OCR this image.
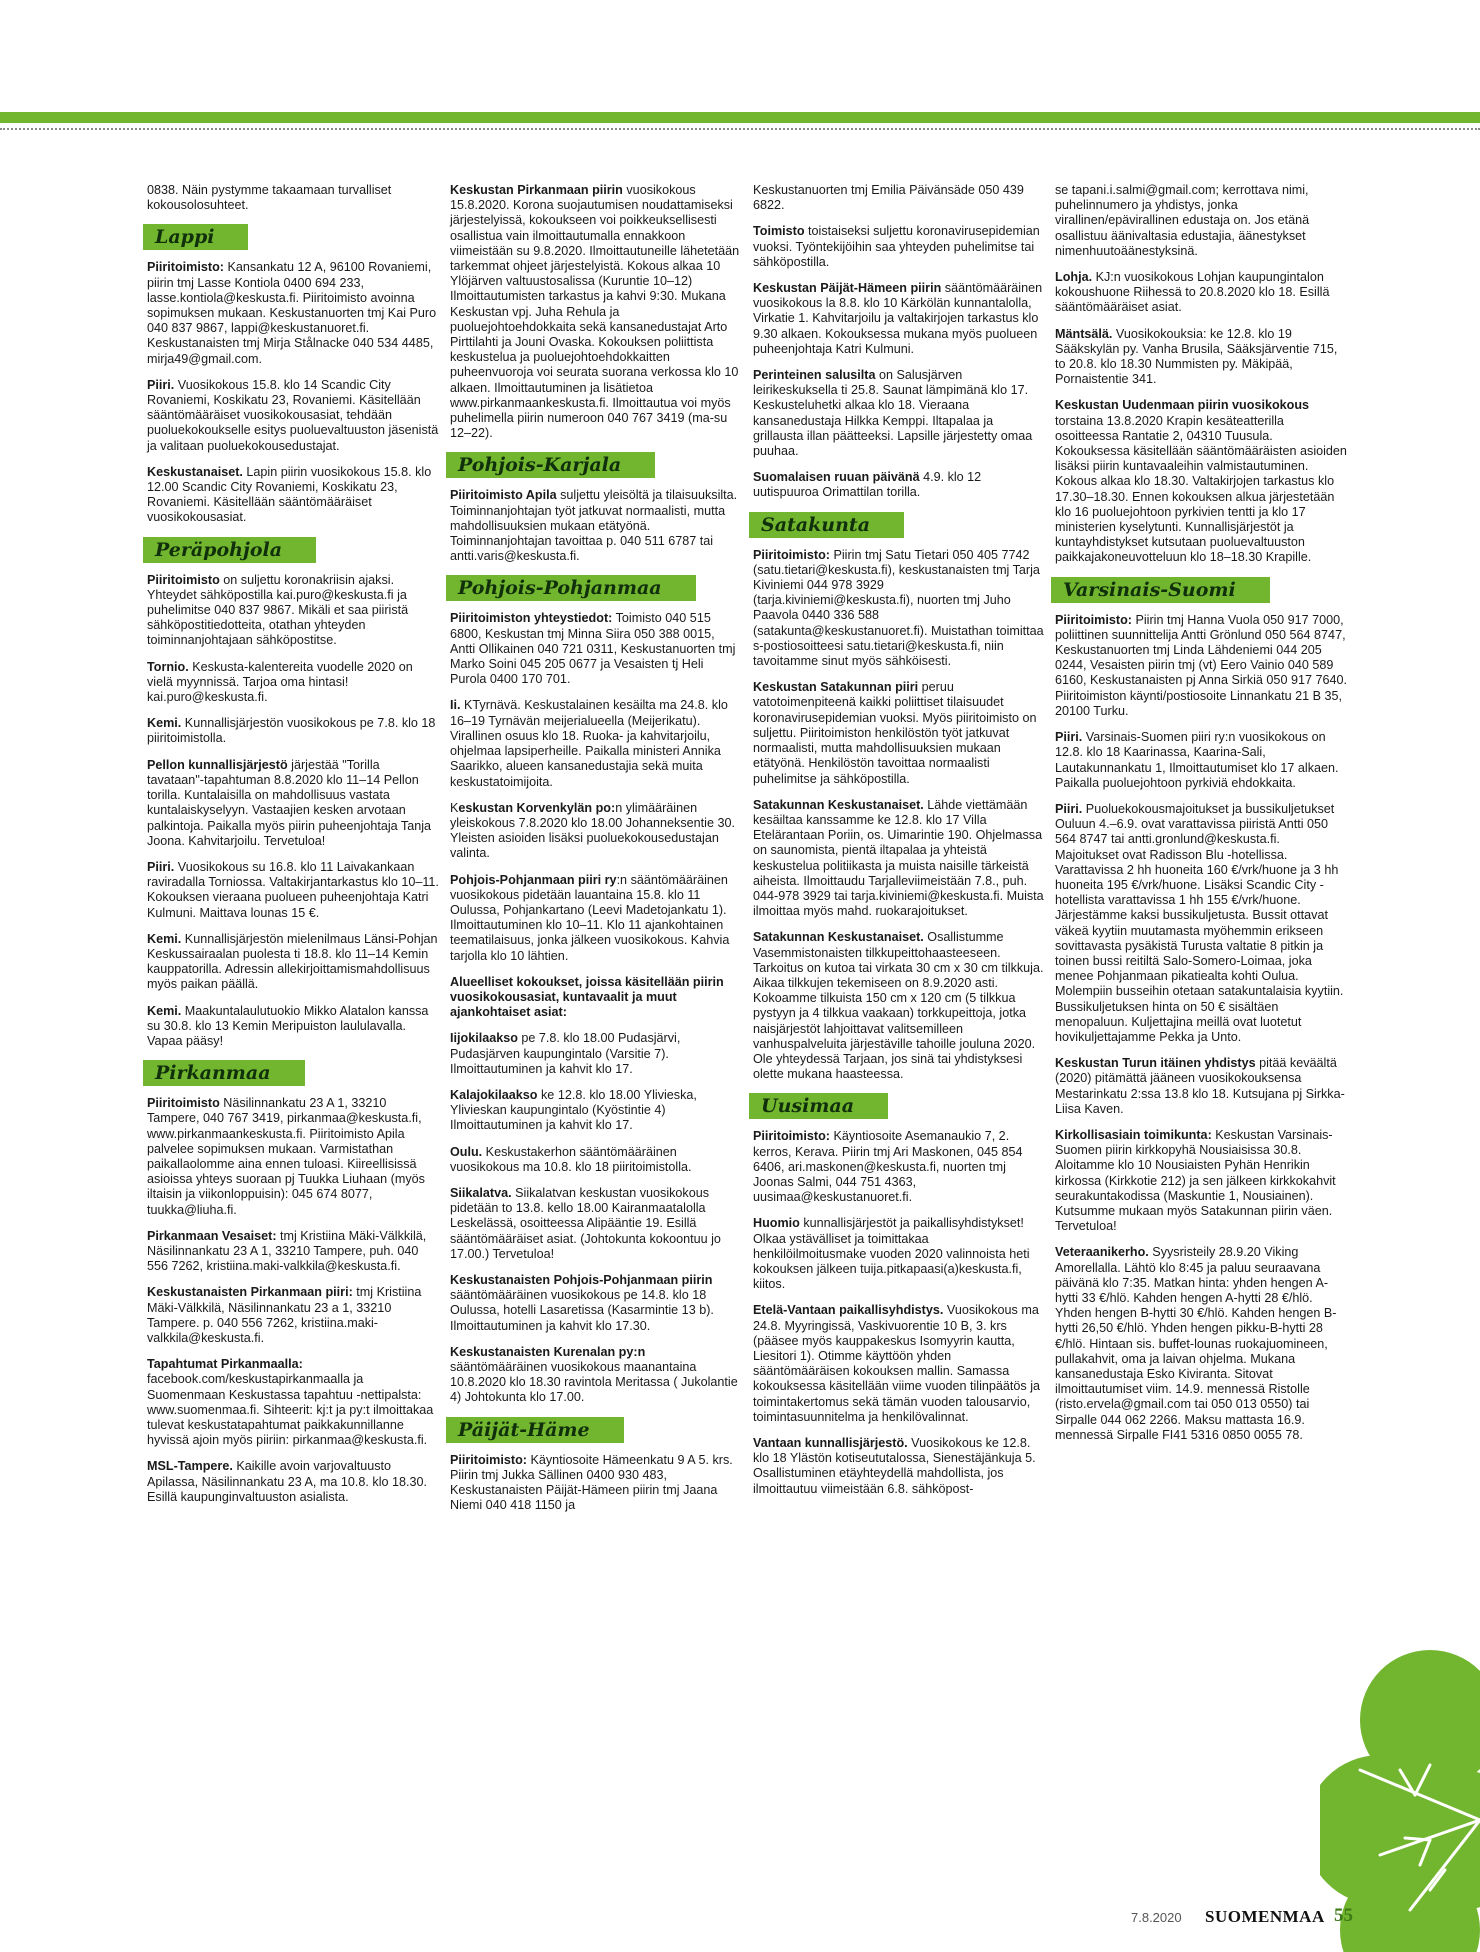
0838. Näin pystymme takaamaan turvalliset kokousolosuhteet.

Lappi

Piiritoimisto: Kansankatu 12 A, 96100 Rovaniemi, piirin tmj Lasse Kontiola 0400 694 233, lasse.kontiola@keskusta.fi. Piiritoimisto avoinna sopimuksen mukaan. Keskustanuorten tmj Kai Puro 040 837 9867, lappi@keskustanuoret.fi. Keskustanaisten tmj Mirja Stålnacke 040 534 4485, mirja49@gmail.com.

Piiri. Vuosikokous 15.8. klo 14 Scandic City Rovaniemi, Koskikatu 23, Rovaniemi. Käsitellään sääntömääräiset vuosikokousasiat, tehdään puoluekokoukselle esitys puoluevaltuuston jäsenistä ja valitaan puoluekokousedustajat.

Keskustanaiset. Lapin piirin vuosikokous 15.8. klo 12.00 Scandic City Rovaniemi, Koskikatu 23, Rovaniemi. Käsitellään sääntömääräiset vuosikokousasiat.

Peräpohjola

Piiritoimisto on suljettu koronakriisin ajaksi. Yhteydet sähköpostilla kai.puro@keskusta.fi ja puhelimitse 040 837 9867. Mikäli et saa piiristä sähköpostitiedotteita, otathan yhteyden toiminnanjohtajaan sähköpostitse.

Tornio. Keskusta-kalentereita vuodelle 2020 on vielä myynnissä. Tarjoa oma hintasi! kai.puro@keskusta.fi.

Kemi. Kunnallisjärjestön vuosikokous pe 7.8. klo 18 piiritoimistolla.

Pellon kunnallisjärjestö järjestää "Torilla tavataan"-tapahtuman 8.8.2020 klo 11–14 Pellon torilla. Kuntalaisilla on mahdollisuus vastata kuntalaiskyselyyn. Vastaajien kesken arvotaan palkintoja. Paikalla myös piirin puheenjohtaja Tanja Joona. Kahvitarjoilu. Tervetuloa!

Piiri. Vuosikokous su 16.8. klo 11 Laivakankaan raviradalla Torniossa. Valtakirjantarkastus klo 10–11. Kokouksen vieraana puolueen puheenjohtaja Katri Kulmuni. Maittava lounas 15 €.

Kemi. Kunnallisjärjestön mielenilmaus Länsi-Pohjan Keskussairaalan puolesta ti 18.8. klo 11–14 Kemin kauppatorilla. Adressin allekirjoittamismahdollisuus myös paikan päällä.

Kemi. Maakuntalaulutuokio Mikko Alatalon kanssa su 30.8. klo 13 Kemin Meripuiston laululavalla. Vapaa pääsy!

Pirkanmaa

Piiritoimisto Näsilinnankatu 23 A 1, 33210 Tampere, 040 767 3419, pirkanmaa@keskusta.fi, www.pirkanmaankeskusta.fi. Piiritoimisto Apila palvelee sopimuksen mukaan. Varmistathan paikallaolomme aina ennen tuloasi. Kiireellisissä asioissa yhteys suoraan pj Tuukka Liuhaan (myös iltaisin ja viikonloppuisin): 045 674 8077, tuukka@liuha.fi.

Pirkanmaan Vesaiset: tmj Kristiina Mäki-Välkkilä, Näsilinnankatu 23 A 1, 33210 Tampere, puh. 040 556 7262, kristiina.maki-valkkila@keskusta.fi.

Keskustanaisten Pirkanmaan piiri: tmj Kristiina Mäki-Välkkilä, Näsilinnankatu 23 a 1, 33210 Tampere. p. 040 556 7262, kristiina.maki-valkkila@keskusta.fi.

Tapahtumat Pirkanmaalla: facebook.com/keskustapirkanmaalla ja Suomenmaan Keskustassa tapahtuu -nettipalsta: www.suomenmaa.fi. Sihteerit: kj:t ja py:t ilmoittakaa tulevat keskustatapahtumat paikkakunnillanne hyvissä ajoin myös piiriin: pirkanmaa@keskusta.fi.

MSL-Tampere. Kaikille avoin varjovaltuusto Apilassa, Näsilinnankatu 23 A, ma 10.8. klo 18.30. Esillä kaupunginvaltuuston asialista.

Keskustan Pirkanmaan piirin vuosikokous 15.8.2020. Korona suojautumisen noudattamiseksi järjestelyissä, kokoukseen voi poikkeuksellisesti osallistua vain ilmoittautumalla ennakkoon viimeistään su 9.8.2020. Ilmoittautuneille lähetetään tarkemmat ohjeet järjestelyistä. Kokous alkaa 10 Ylöjärven valtuustosalissa (Kuruntie 10–12) Ilmoittautumisten tarkastus ja kahvi 9:30. Mukana Keskustan vpj. Juha Rehula ja puoluejohtoehdokkaita sekä kansanedustajat Arto Pirttilahti ja Jouni Ovaska. Kokouksen poliittista keskustelua ja puoluejohtoehdokkaitten puheenvuoroja voi seurata suorana verkossa klo 10 alkaen. Ilmoittautuminen ja lisätietoa www.pirkanmaankeskusta.fi. Ilmoittautua voi myös puhelimella piirin numeroon 040 767 3419 (ma-su 12–22).

Pohjois-Karjala

Piiritoimisto Apila suljettu yleisöltä ja tilaisuuksilta. Toiminnanjohtajan työt jatkuvat normaalisti, mutta mahdollisuuksien mukaan etätyönä. Toiminnanjohtajan tavoittaa p. 040 511 6787 tai antti.varis@keskusta.fi.

Pohjois-Pohjanmaa

Piiritoimiston yhteystiedot: Toimisto 040 515 6800, Keskustan tmj Minna Siira 050 388 0015, Antti Ollikainen 040 721 0311, Keskustanuorten tmj Marko Soini 045 205 0677 ja Vesaisten tj Heli Purola 0400 170 701.

Ii. KTyrnävä. Keskustalainen kesäilta ma 24.8. klo 16–19 Tyrnävän meijerialueella (Meijerikatu). Virallinen osuus klo 18. Ruoka- ja kahvitarjoilu, ohjelmaa lapsiperheille. Paikalla ministeri Annika Saarikko, alueen kansanedustajia sekä muita keskustatoimijoita.

Keskustan Korvenkylän po:n ylimääräinen yleiskokous 7.8.2020 klo 18.00 Johanneksentie 30. Yleisten asioiden lisäksi puoluekokousedustajan valinta.

Pohjois-Pohjanmaan piiri ry:n sääntömääräinen vuosikokous pidetään lauantaina 15.8. klo 11 Oulussa, Pohjankartano (Leevi Madetojankatu 1). Ilmoittautuminen klo 10–11. Klo 11 ajankohtainen teematilaisuus, jonka jälkeen vuosikokous. Kahvia tarjolla klo 10 lähtien.

Alueelliset kokoukset, joissa käsitellään piirin vuosikokousasiat, kuntavaalit ja muut ajankohtaiset asiat:

Iijokilaakso pe 7.8. klo 18.00 Pudasjärvi, Pudasjärven kaupungintalo (Varsitie 7). Ilmoittautuminen ja kahvit klo 17.

Kalajokilaakso ke 12.8. klo 18.00 Ylivieska, Ylivieskan kaupungintalo (Kyöstintie 4) Ilmoittautuminen ja kahvit klo 17.

Oulu. Keskustakerhon sääntömääräinen vuosikokous ma 10.8. klo 18 piiritoimistolla.

Siikalatva. Siikalatvan keskustan vuosikokous pidetään to 13.8. kello 18.00 Kairanmaatalolla Leskelässä, osoitteessa Alipääntie 19. Esillä sääntömääräiset asiat. (Johtokunta kokoontuu jo 17.00.) Tervetuloa!

Keskustanaisten Pohjois-Pohjanmaan piirin sääntömääräinen vuosikokous pe 14.8. klo 18 Oulussa, hotelli Lasaretissa (Kasarmintie 13 b). Ilmoittautuminen ja kahvit klo 17.30.

Keskustanaisten Kurenalan py:n sääntömääräinen vuosikokous maanantaina 10.8.2020 klo 18.30 ravintola Meritassa ( Jukolantie 4) Johtokunta klo 17.00.

Päijät-Häme

Piiritoimisto: Käyntiosoite Hämeenkatu 9 A 5. krs. Piirin tmj Jukka Sällinen 0400 930 483, Keskustanaisten Päijät-Hämeen piirin tmj Jaana Niemi 040 418 1150 ja

Keskustanuorten tmj Emilia Päivänsäde 050 439 6822.

Toimisto toistaiseksi suljettu koronavirusepidemian vuoksi. Työntekijöihin saa yhteyden puhelimitse tai sähköpostilla.

Keskustan Päijät-Hämeen piirin sääntömääräinen vuosikokous la 8.8. klo 10 Kärkölän kunnantalolla, Virkatie 1. Kahvitarjoilu ja valtakirjojen tarkastus klo 9.30 alkaen. Kokouksessa mukana myös puolueen puheenjohtaja Katri Kulmuni.

Perinteinen salusilta on Salusjärven leirikeskuksella ti 25.8. Saunat lämpimänä klo 17. Keskusteluhetki alkaa klo 18. Vieraana kansanedustaja Hilkka Kemppi. Iltapalaa ja grillausta illan päätteeksi. Lapsille järjestetty omaa puuhaa.

Suomalaisen ruuan päivänä 4.9. klo 12 uutispuuroa Orimattilan torilla.

Satakunta

Piiritoimisto: Piirin tmj Satu Tietari 050 405 7742 (satu.tietari@keskusta.fi), keskustanaisten tmj Tarja Kiviniemi 044 978 3929 (tarja.kiviniemi@keskusta.fi), nuorten tmj Juho Paavola 0440 336 588 (satakunta@keskustanuoret.fi). Muistathan toimittaa s-postiosoitteesi satu.tietari@keskusta.fi, niin tavoitamme sinut myös sähköisesti.

Keskustan Satakunnan piiri peruu vatotoimenpiteenä kaikki poliittiset tilaisuudet koronavirusepidemian vuoksi. Myös piiritoimisto on suljettu. Piiritoimiston henkilöstön työt jatkuvat normaalisti, mutta mahdollisuuksien mukaan etätyönä. Henkilöstön tavoittaa normaalisti puhelimitse ja sähköpostilla.

Satakunnan Keskustanaiset. Lähde viettämään kesäiltaa kanssamme ke 12.8. klo 17 Villa Etelärantaan Poriin, os. Uimarintie 190. Ohjelmassa on saunomista, pientä iltapalaa ja yhteistä keskustelua politiikasta ja muista naisille tärkeistä aiheista. Ilmoittaudu Tarjalleviimeistään 7.8., puh. 044-978 3929 tai tarja.kiviniemi@keskusta.fi. Muista ilmoittaa myös mahd. ruokarajoitukset.

Satakunnan Keskustanaiset. Osallistumme Vasemmistonaisten tilkkupeittohaasteeseen. Tarkoitus on kutoa tai virkata 30 cm x 30 cm tilkkuja. Aikaa tilkkujen tekemiseen on 8.9.2020 asti. Kokoamme tilkuista 150 cm x 120 cm (5 tilkkua pystyyn ja 4 tilkkua vaakaan) torkkupeittoja, jotka naisjärjestöt lahjoittavat valitsemilleen vanhuspalveluita järjestäville tahoille jouluna 2020. Ole yhteydessä Tarjaan, jos sinä tai yhdistyksesi olette mukana haasteessa.

Uusimaa

Piiritoimisto: Käyntiosoite Asemanaukio 7, 2. kerros, Kerava. Piirin tmj Ari Maskonen, 045 854 6406, ari.maskonen@keskusta.fi, nuorten tmj Joonas Salmi, 044 751 4363, uusimaa@keskustanuoret.fi.

Huomio kunnallisjärjestöt ja paikallisyhdistykset! Olkaa ystävälliset ja toimittakaa henkilöilmoitusmake vuoden 2020 valinnoista heti kokouksen jälkeen tuija.pitkapaasi(a)keskusta.fi, kiitos.

Etelä-Vantaan paikallisyhdistys. Vuosikokous ma 24.8. Myyringissä, Vaskivuorentie 10 B, 3. krs (pääsee myös kauppakeskus Isomyyrin kautta, Liesitori 1). Otimme käyttöön yhden sääntömääräisen kokouksen mallin. Samassa kokouksessa käsitellään viime vuoden tilinpäätös ja toimintakertomus sekä tämän vuoden talousarvio, toimintasuunnitelma ja henkilövalinnat.

Vantaan kunnallisjärjestö. Vuosikokous ke 12.8. klo 18 Ylästön kotiseututalossa, Sienestäjänkuja 5. Osallistuminen etäyhteydellä mahdollista, jos ilmoittautuu viimeistään 6.8. sähköpost-

se tapani.i.salmi@gmail.com; kerrottava nimi, puhelinnumero ja yhdistys, jonka virallinen/epävirallinen edustaja on. Jos etänä osallistuu äänivaltasia edustajia, äänestykset nimenhuutoäänestyksinä.

Lohja. KJ:n vuosikokous Lohjan kaupungintalon kokoushuone Riihessä to 20.8.2020 klo 18. Esillä sääntömääräiset asiat.

Mäntsälä. Vuosikokouksia: ke 12.8. klo 19 Sääkskylän py. Vanha Brusila, Sääksjärventie 715, to 20.8. klo 18.30 Nummisten py. Mäkipää, Pornaistentie 341.

Keskustan Uudenmaan piirin vuosikokous torstaina 13.8.2020 Krapin kesäteatterilla osoitteessa Rantatie 2, 04310 Tuusula. Kokouksessa käsitellään sääntömääräisten asioiden lisäksi piirin kuntavaaleihin valmistautuminen. Kokous alkaa klo 18.30. Valtakirjojen tarkastus klo 17.30–18.30. Ennen kokouksen alkua järjestetään klo 16 puoluejohtoon pyrkivien tentti ja klo 17 ministerien kyselytunti. Kunnallisjärjestöt ja kuntayhdistykset kutsutaan puoluevaltuuston paikkajakoneuvotteluun klo 18–18.30 Krapille.

Varsinais-Suomi

Piiritoimisto: Piirin tmj Hanna Vuola 050 917 7000, poliittinen suunnittelija Antti Grönlund 050 564 8747, Keskustanuorten tmj Linda Lähdeniemi 044 205 0244, Vesaisten piirin tmj (vt) Eero Vainio 040 589 6160, Keskustanaisten pj Anna Sirkiä 050 917 7640. Piiritoimiston käynti/postiosoite Linnankatu 21 B 35, 20100 Turku.

Piiri. Varsinais-Suomen piiri ry:n vuosikokous on 12.8. klo 18 Kaarinassa, Kaarina-Sali, Lautakunnankatu 1, Ilmoittautumiset klo 17 alkaen. Paikalla puoluejohtoon pyrkiviä ehdokkaita.

Piiri. Puoluekokousmajoitukset ja bussikuljetukset Ouluun 4.–6.9. ovat varattavissa piiristä Antti 050 564 8747 tai antti.gronlund@keskusta.fi. Majoitukset ovat Radisson Blu -hotellissa. Varattavissa 2 hh huoneita 160 €/vrk/huone ja 3 hh huoneita 195 €/vrk/huone. Lisäksi Scandic City -hotellista varattavissa 1 hh 155 €/vrk/huone. Järjestämme kaksi bussikuljetusta. Bussit ottavat väkeä kyytiin muutamasta myöhemmin erikseen sovittavasta pysäkistä Turusta valtatie 8 pitkin ja toinen bussi reitiltä Salo-Somero-Loimaa, joka menee Pohjanmaan pikatiealta kohti Oulua. Molempiin busseihin otetaan satakuntalaisia kyytiin. Bussikuljetuksen hinta on 50 € sisältäen menopaluun. Kuljettajina meillä ovat luotetut hovikuljettajamme Pekka ja Unto.

Keskustan Turun itäinen yhdistys pitää keväältä (2020) pitämättä jääneen vuosikokouksensa Mestarinkatu 2:ssa 13.8 klo 18. Kutsujana pj Sirkka-Liisa Kaven.

Kirkollisasiain toimikunta: Keskustan Varsinais-Suomen piirin kirkkopyhä Nousiaisissa 30.8. Aloitamme klo 10 Nousiaisten Pyhän Henrikin kirkossa (Kirkkotie 212) ja sen jälkeen kirkkokahvit seurakuntakodissa (Maskuntie 1, Nousiainen). Kutsumme mukaan myös Satakunnan piirin väen. Tervetuloa!

Veteraanikerho. Syysristeily 28.9.20 Viking Amorellalla. Lähtö klo 8:45 ja paluu seuraavana päivänä klo 7:35. Matkan hinta: yhden hengen A-hytti 33 €/hlö. Kahden hengen A-hytti 28 €/hlö. Yhden hengen B-hytti 30 €/hlö. Kahden hengen B-hytti 26,50 €/hlö. Yhden hengen pikku-B-hytti 28 €/hlö. Hintaan sis. buffet-lounas ruokajuomineen, pullakahvit, oma ja laivan ohjelma. Mukana kansanedustaja Esko Kiviranta. Sitovat ilmoittautumiset viim. 14.9. mennessä Ristolle (risto.ervela@gmail.com tai 050 013 0550) tai Sirpalle 044 062 2266. Maksu mattasta 16.9. mennessä Sirpalle FI41 5316 0850 0055 78.

7.8.2020 SUOMENMAA 55
